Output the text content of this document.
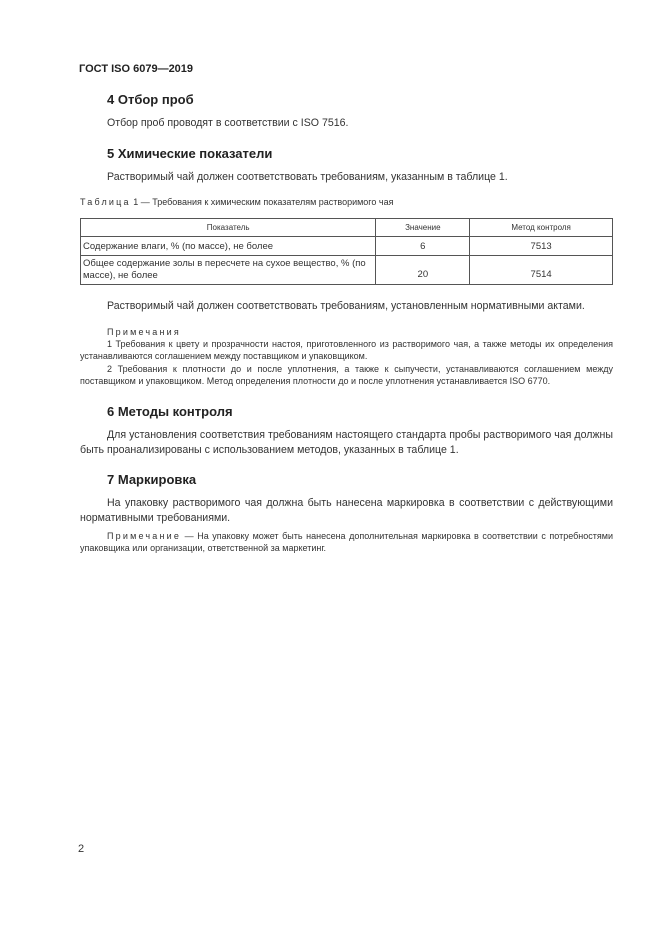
ГОСТ ISO 6079—2019
4 Отбор проб
Отбор проб проводят в соответствии с ISO 7516.
5 Химические показатели
Растворимый чай должен соответствовать требованиям, указанным в таблице 1.
Таблица 1 — Требования к химическим показателям растворимого чая
Показатель	Значение	Метод контроля
Содержание влаги, % (по массе), не более	6	7513
Общее содержание золы в пересчете на сухое вещество, % (по массе), не более	20	7514
Растворимый чай должен соответствовать требованиям, установленным нормативными актами.
Примечания
1 Требования к цвету и прозрачности настоя, приготовленного из растворимого чая, а также методы их определения устанавливаются соглашением между поставщиком и упаковщиком.
2 Требования к плотности до и после уплотнения, а также к сыпучести, устанавливаются соглашением между поставщиком и упаковщиком. Метод определения плотности до и после уплотнения устанавливается ISO 6770.
6 Методы контроля
Для установления соответствия требованиям настоящего стандарта пробы растворимого чая должны быть проанализированы с использованием методов, указанных в таблице 1.
7 Маркировка
На упаковку растворимого чая должна быть нанесена маркировка в соответствии с действующими нормативными требованиями.
Примечание — На упаковку может быть нанесена дополнительная маркировка в соответствии с потребностями упаковщика или организации, ответственной за маркетинг.
2
